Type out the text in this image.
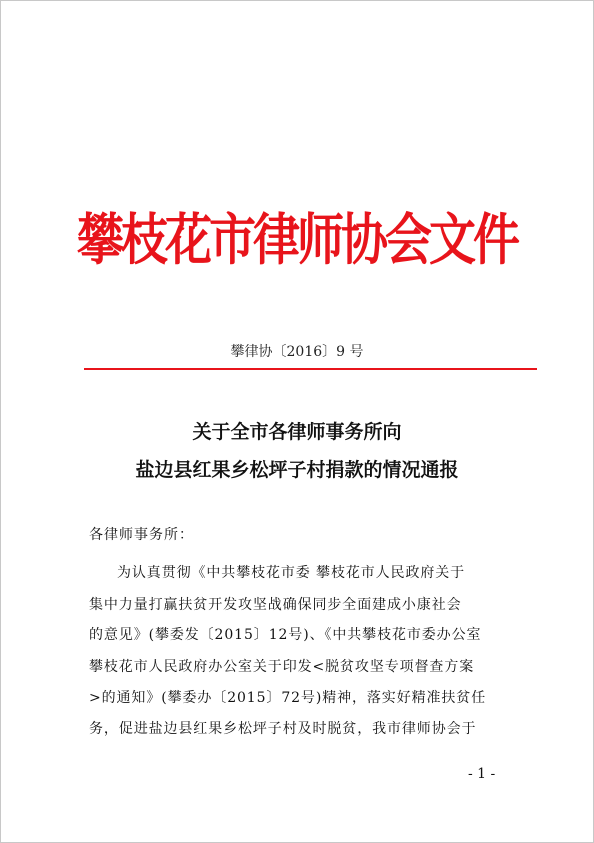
攀枝花市律师协会文件
攀律协〔2016〕9 号
关于全市各律师事务所向
盐边县红果乡松坪子村捐款的情况通报
各律师事务所：
为认真贯彻《中共攀枝花市委 攀枝花市人民政府关于
集中力量打赢扶贫开发攻坚战确保同步全面建成小康社会
的意见》(攀委发〔2015〕12号)、《中共攀枝花市委办公室
攀枝花市人民政府办公室关于印发<脱贫攻坚专项督查方案
>的通知》(攀委办〔2015〕72号)精神，落实好精准扶贫任
务，促进盐边县红果乡松坪子村及时脱贫，我市律师协会于
- 1 -
